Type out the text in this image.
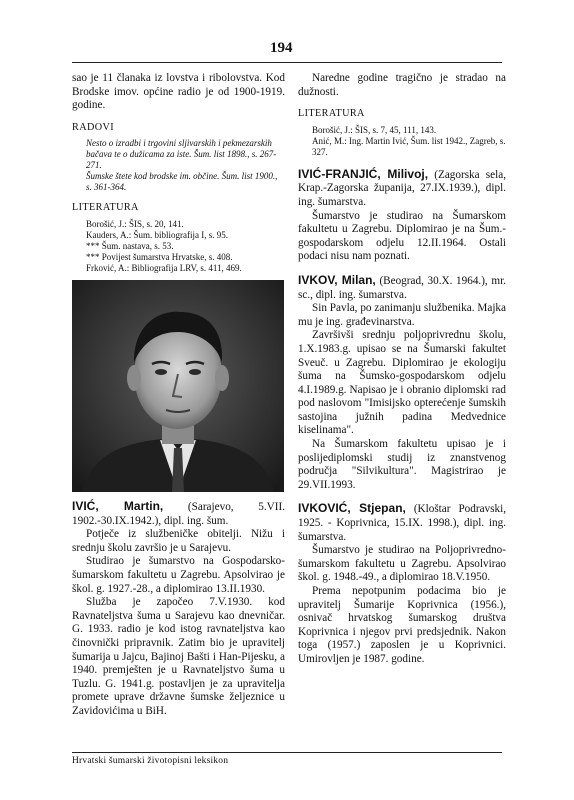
194

sao je 11 članaka iz lovstva i ribolovstva. Kod Brodske imov. općine radio je od 1900-1919. godine.

RADOVI

Nesto o izradbi i trgovini sljivarskih i pekmezarskih bačava te o dužicama za iste. Šum. list 1898., s. 267-271.

Šumske štete kod brodske im. občine. Šum. list 1900., s. 361-364.

LITERATURA

Borošić, J.: ŠIS, s. 20, 141.

Kauders, A.: Šum. bibliografija I, s. 95.

*** Šum. nastava, s. 53.

*** Povijest šumarstva Hrvatske, s. 408.

Frković, A.: Bibliografija LRV, s. 411, 469.

IVIĆ, Martin, (Sarajevo, 5.VII. 1902.-30.IX.1942.), dipl. ing. šum.

Potječe iz službeničke obitelji. Nižu i srednju školu završio je u Sarajevu.

Studirao je šumarstvo na Gospodarsko-šumarskom fakultetu u Zagrebu. Apsolvirao je škol. g. 1927.-28., a diplomirao 13.II.1930.

Služba je započeo 7.V.1930. kod Ravnateljstva šuma u Sarajevu kao dnevničar. G. 1933. radio je kod istog ravnateljstva kao činovnički pripravnik. Zatim bio je upravitelj šumarija u Jajcu, Bajinoj Bašti i Han-Pijesku, a 1940. premješten je u Ravnateljstvo šuma u Tuzlu. G. 1941.g. postavljen je za upravitelja promete uprave državne šumske željeznice u Zavidovićima u BiH.

Naredne godine tragično je stradao na dužnosti.

LITERATURA

Borošić, J.: ŠIS, s. 7, 45, 111, 143.

Anić, M.: Ing. Martin Ivić, Šum. list 1942., Zagreb, s. 327.

IVIĆ-FRANJIĆ, Milivoj, (Zagorska sela, Krap.-Zagorska županija, 27.IX.1939.), dipl. ing. šumarstva.

Šumarstvo je studirao na Šumarskom fakultetu u Zagrebu. Diplomirao je na Šum.-gospodarskom odjelu 12.II.1964. Ostali podaci nisu nam poznati.

IVKOV, Milan, (Beograd, 30.X. 1964.), mr. sc., dipl. ing. šumarstva.

Sin Pavla, po zanimanju službenika. Majka mu je ing. građevinarstva.

Završivši srednju poljoprivrednu školu, 1.X.1983.g. upisao se na Šumarski fakultet Sveuč. u Zagrebu. Diplomirao je ekologiju šuma na Šumsko-gospodarskom odjelu 4.I.1989.g. Napisao je i obranio diplomski rad pod naslovom "Imisijsko opterećenje šumskih sastojina južnih padina Medvednice kiselinama".

Na Šumarskom fakultetu upisao je i poslijediplomski studij iz znanstvenog područja "Silvikultura". Magistrirao je 29.VII.1993.

IVKOVIĆ, Stjepan, (Kloštar Podravski, 1925. - Koprivnica, 15.IX. 1998.), dipl. ing. šumarstva.

Šumarstvo je studirao na Poljoprivredno-šumarskom fakultetu u Zagrebu. Apsolvirao škol. g. 1948.-49., a diplomirao 18.V.1950.

Prema nepotpunim podacima bio je upravitelj Šumarije Koprivnica (1956.), osnivač hrvatskog šumarskog društva Koprivnica i njegov prvi predsjednik. Nakon toga (1957.) zaposlen je u Koprivnici. Umirovljen je 1987. godine.

Hrvatski šumarski životopisni leksikon
